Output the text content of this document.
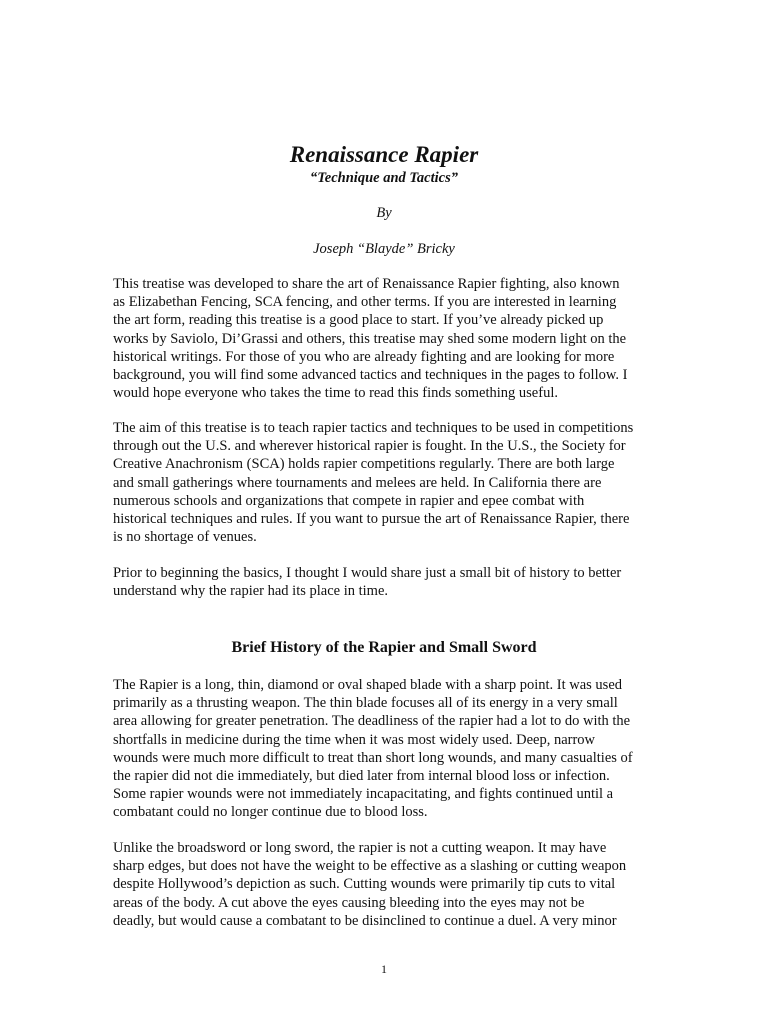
Renaissance Rapier
“Technique and Tactics”
By
Joseph “Blayde” Bricky
This treatise was developed to share the art of Renaissance Rapier fighting, also known
as Elizabethan Fencing, SCA fencing, and other terms. If you are interested in learning
the art form, reading this treatise is a good place to start. If you’ve already picked up
works by Saviolo, Di’Grassi and others, this treatise may shed some modern light on the
historical writings. For those of you who are already fighting and are looking for more
background, you will find some advanced tactics and techniques in the pages to follow. I
would hope everyone who takes the time to read this finds something useful.
The aim of this treatise is to teach rapier tactics and techniques to be used in competitions
through out the U.S. and wherever historical rapier is fought. In the U.S., the Society for
Creative Anachronism (SCA) holds rapier competitions regularly. There are both large
and small gatherings where tournaments and melees are held. In California there are
numerous schools and organizations that compete in rapier and epee combat with
historical techniques and rules. If you want to pursue the art of Renaissance Rapier, there
is no shortage of venues.
Prior to beginning the basics, I thought I would share just a small bit of history to better
understand why the rapier had its place in time.
Brief History of the Rapier and Small Sword
The Rapier is a long, thin, diamond or oval shaped blade with a sharp point. It was used
primarily as a thrusting weapon. The thin blade focuses all of its energy in a very small
area allowing for greater penetration. The deadliness of the rapier had a lot to do with the
shortfalls in medicine during the time when it was most widely used. Deep, narrow
wounds were much more difficult to treat than short long wounds, and many casualties of
the rapier did not die immediately, but died later from internal blood loss or infection.
Some rapier wounds were not immediately incapacitating, and fights continued until a
combatant could no longer continue due to blood loss.
Unlike the broadsword or long sword, the rapier is not a cutting weapon. It may have
sharp edges, but does not have the weight to be effective as a slashing or cutting weapon
despite Hollywood’s depiction as such. Cutting wounds were primarily tip cuts to vital
areas of the body. A cut above the eyes causing bleeding into the eyes may not be
deadly, but would cause a combatant to be disinclined to continue a duel. A very minor
1
